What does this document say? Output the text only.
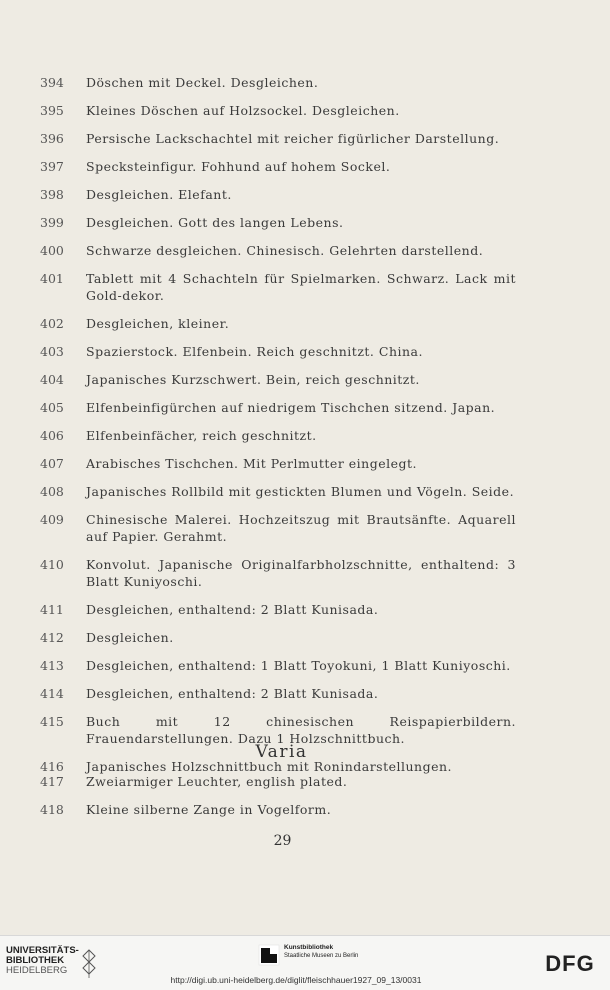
394	Döschen mit Deckel. Desgleichen.
395	Kleines Döschen auf Holzsockel. Desgleichen.
396	Persische Lackschachtel mit reicher figürlicher Darstellung.
397	Specksteinfigur. Fohhund auf hohem Sockel.
398	Desgleichen. Elefant.
399	Desgleichen. Gott des langen Lebens.
400	Schwarze desgleichen. Chinesisch. Gelehrten darstellend.
401	Tablett mit 4 Schachteln für Spielmarken. Schwarz. Lack mit Gold-dekor.
402	Desgleichen, kleiner.
403	Spazierstock. Elfenbein. Reich geschnitzt. China.
404	Japanisches Kurzschwert. Bein, reich geschnitzt.
405	Elfenbeinfigürchen auf niedrigem Tischchen sitzend. Japan.
406	Elfenbeinfächer, reich geschnitzt.
407	Arabisches Tischchen. Mit Perlmutter eingelegt.
408	Japanisches Rollbild mit gestickten Blumen und Vögeln. Seide.
409	Chinesische Malerei. Hochzeitszug mit Brautsänfte. Aquarell auf Papier. Gerahmt.
410	Konvolut. Japanische Originalfarbholzschnitte, enthaltend: 3 Blatt Kuniyoschi.
411	Desgleichen, enthaltend: 2 Blatt Kunisada.
412	Desgleichen.
413	Desgleichen, enthaltend: 1 Blatt Toyokuni, 1 Blatt Kuniyoschi.
414	Desgleichen, enthaltend: 2 Blatt Kunisada.
415	Buch mit 12 chinesischen Reispapierbildern. Frauendarstellungen. Dazu 1 Holzschnittbuch.
416	Japanisches Holzschnittbuch mit Ronindarstellungen.
Varia
417	Zweiarmiger Leuchter, english plated.
418	Kleine silberne Zange in Vogelform.
29
UNIVERSITÄTS-
BIBLIOTHEK
HEIDELBERG
Kunstbibliothek
Staatliche Museen zu Berlin
http://digi.ub.uni-heidelberg.de/diglit/fleischhauer1927_09_13/0031
DFG
